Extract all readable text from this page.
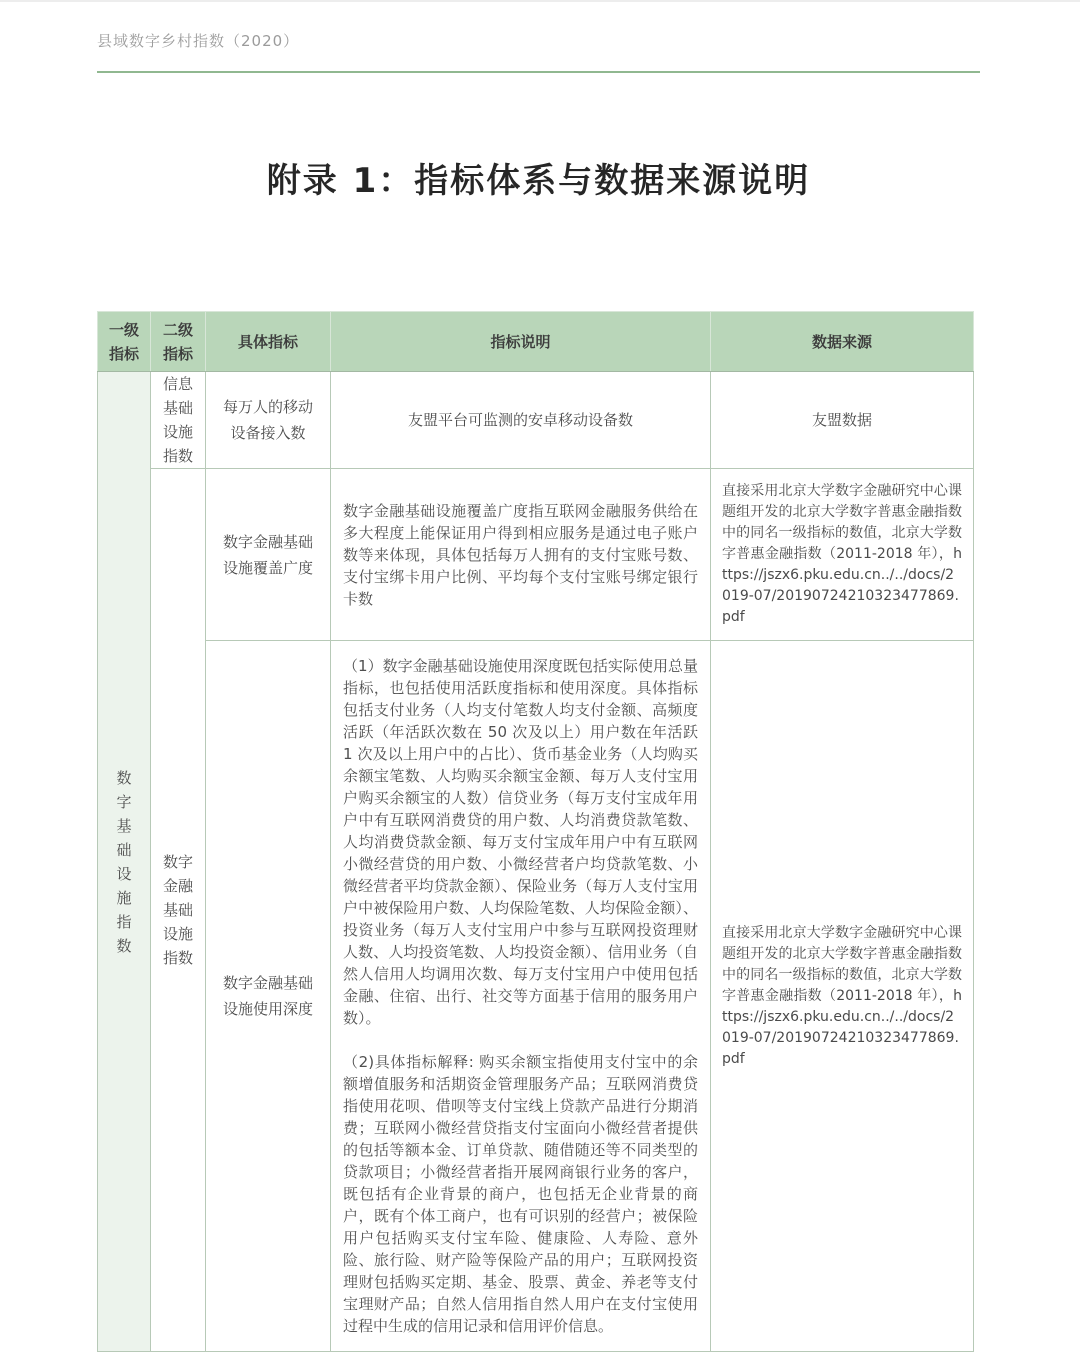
县域数字乡村指数（2020）
附录 1：指标体系与数据来源说明
一级指标	二级指标	具体指标	指标说明	数据来源
数字基础设施指数	信息基础设施指数	每万人的移动设备接入数	友盟平台可监测的安卓移动设备数	友盟数据
	数字金融基础设施指数	数字金融基础设施覆盖广度	数字金融基础设施覆盖广度指互联网金融服务供给在多大程度上能保证用户得到相应服务是通过电子账户数等来体现，具体包括每万人拥有的支付宝账号数、支付宝绑卡用户比例、平均每个支付宝账号绑定银行卡数	直接采用北京大学数字金融研究中心课题组开发的北京大学数字普惠金融指数中的同名一级指标的数值，北京大学数字普惠金融指数（2011-2018 年），https://jszx6.pku.edu.cn../../docs/2019-07/20190724210323477869.pdf
		数字金融基础设施使用深度	（1）数字金融基础设施使用深度既包括实际使用总量指标，也包括使用活跃度指标和使用深度。具体指标包括支付业务（人均支付笔数人均支付金额、高频度活跃（年活跃次数在 50 次及以上）用户数在年活跃 1 次及以上用户中的占比）、货币基金业务（人均购买余额宝笔数、人均购买余额宝金额、每万人支付宝用户购买余额宝的人数）信贷业务（每万支付宝成年用户中有互联网消费贷的用户数、人均消费贷款笔数、人均消费贷款金额、每万支付宝成年用户中有互联网小微经营贷的用户数、小微经营者户均贷款笔数、小微经营者平均贷款金额）、保险业务（每万人支付宝用户中被保险用户数、人均保险笔数、人均保险金额）、投资业务（每万人支付宝用户中参与互联网投资理财人数、人均投资笔数、人均投资金额）、信用业务（自然人信用人均调用次数、每万支付宝用户中使用包括金融、住宿、出行、社交等方面基于信用的服务用户数）。

（2)具体指标解释: 购买余额宝指使用支付宝中的余额增值服务和活期资金管理服务产品；互联网消费贷指使用花呗、借呗等支付宝线上贷款产品进行分期消费；互联网小微经营贷指支付宝面向小微经营者提供的包括等额本金、订单贷款、随借随还等不同类型的贷款项目；小微经营者指开展网商银行业务的客户，既包括有企业背景的商户，也包括无企业背景的商户，既有个体工商户，也有可识别的经营户；被保险用户包括购买支付宝车险、健康险、人寿险、意外险、旅行险、财产险等保险产品的用户；互联网投资理财包括购买定期、基金、股票、黄金、养老等支付宝理财产品；自然人信用指自然人用户在支付宝使用过程中生成的信用记录和信用评价信息。	直接采用北京大学数字金融研究中心课题组开发的北京大学数字普惠金融指数中的同名一级指标的数值，北京大学数字普惠金融指数（2011-2018 年），https://jszx6.pku.edu.cn../../docs/2019-07/20190724210323477869.pdf
